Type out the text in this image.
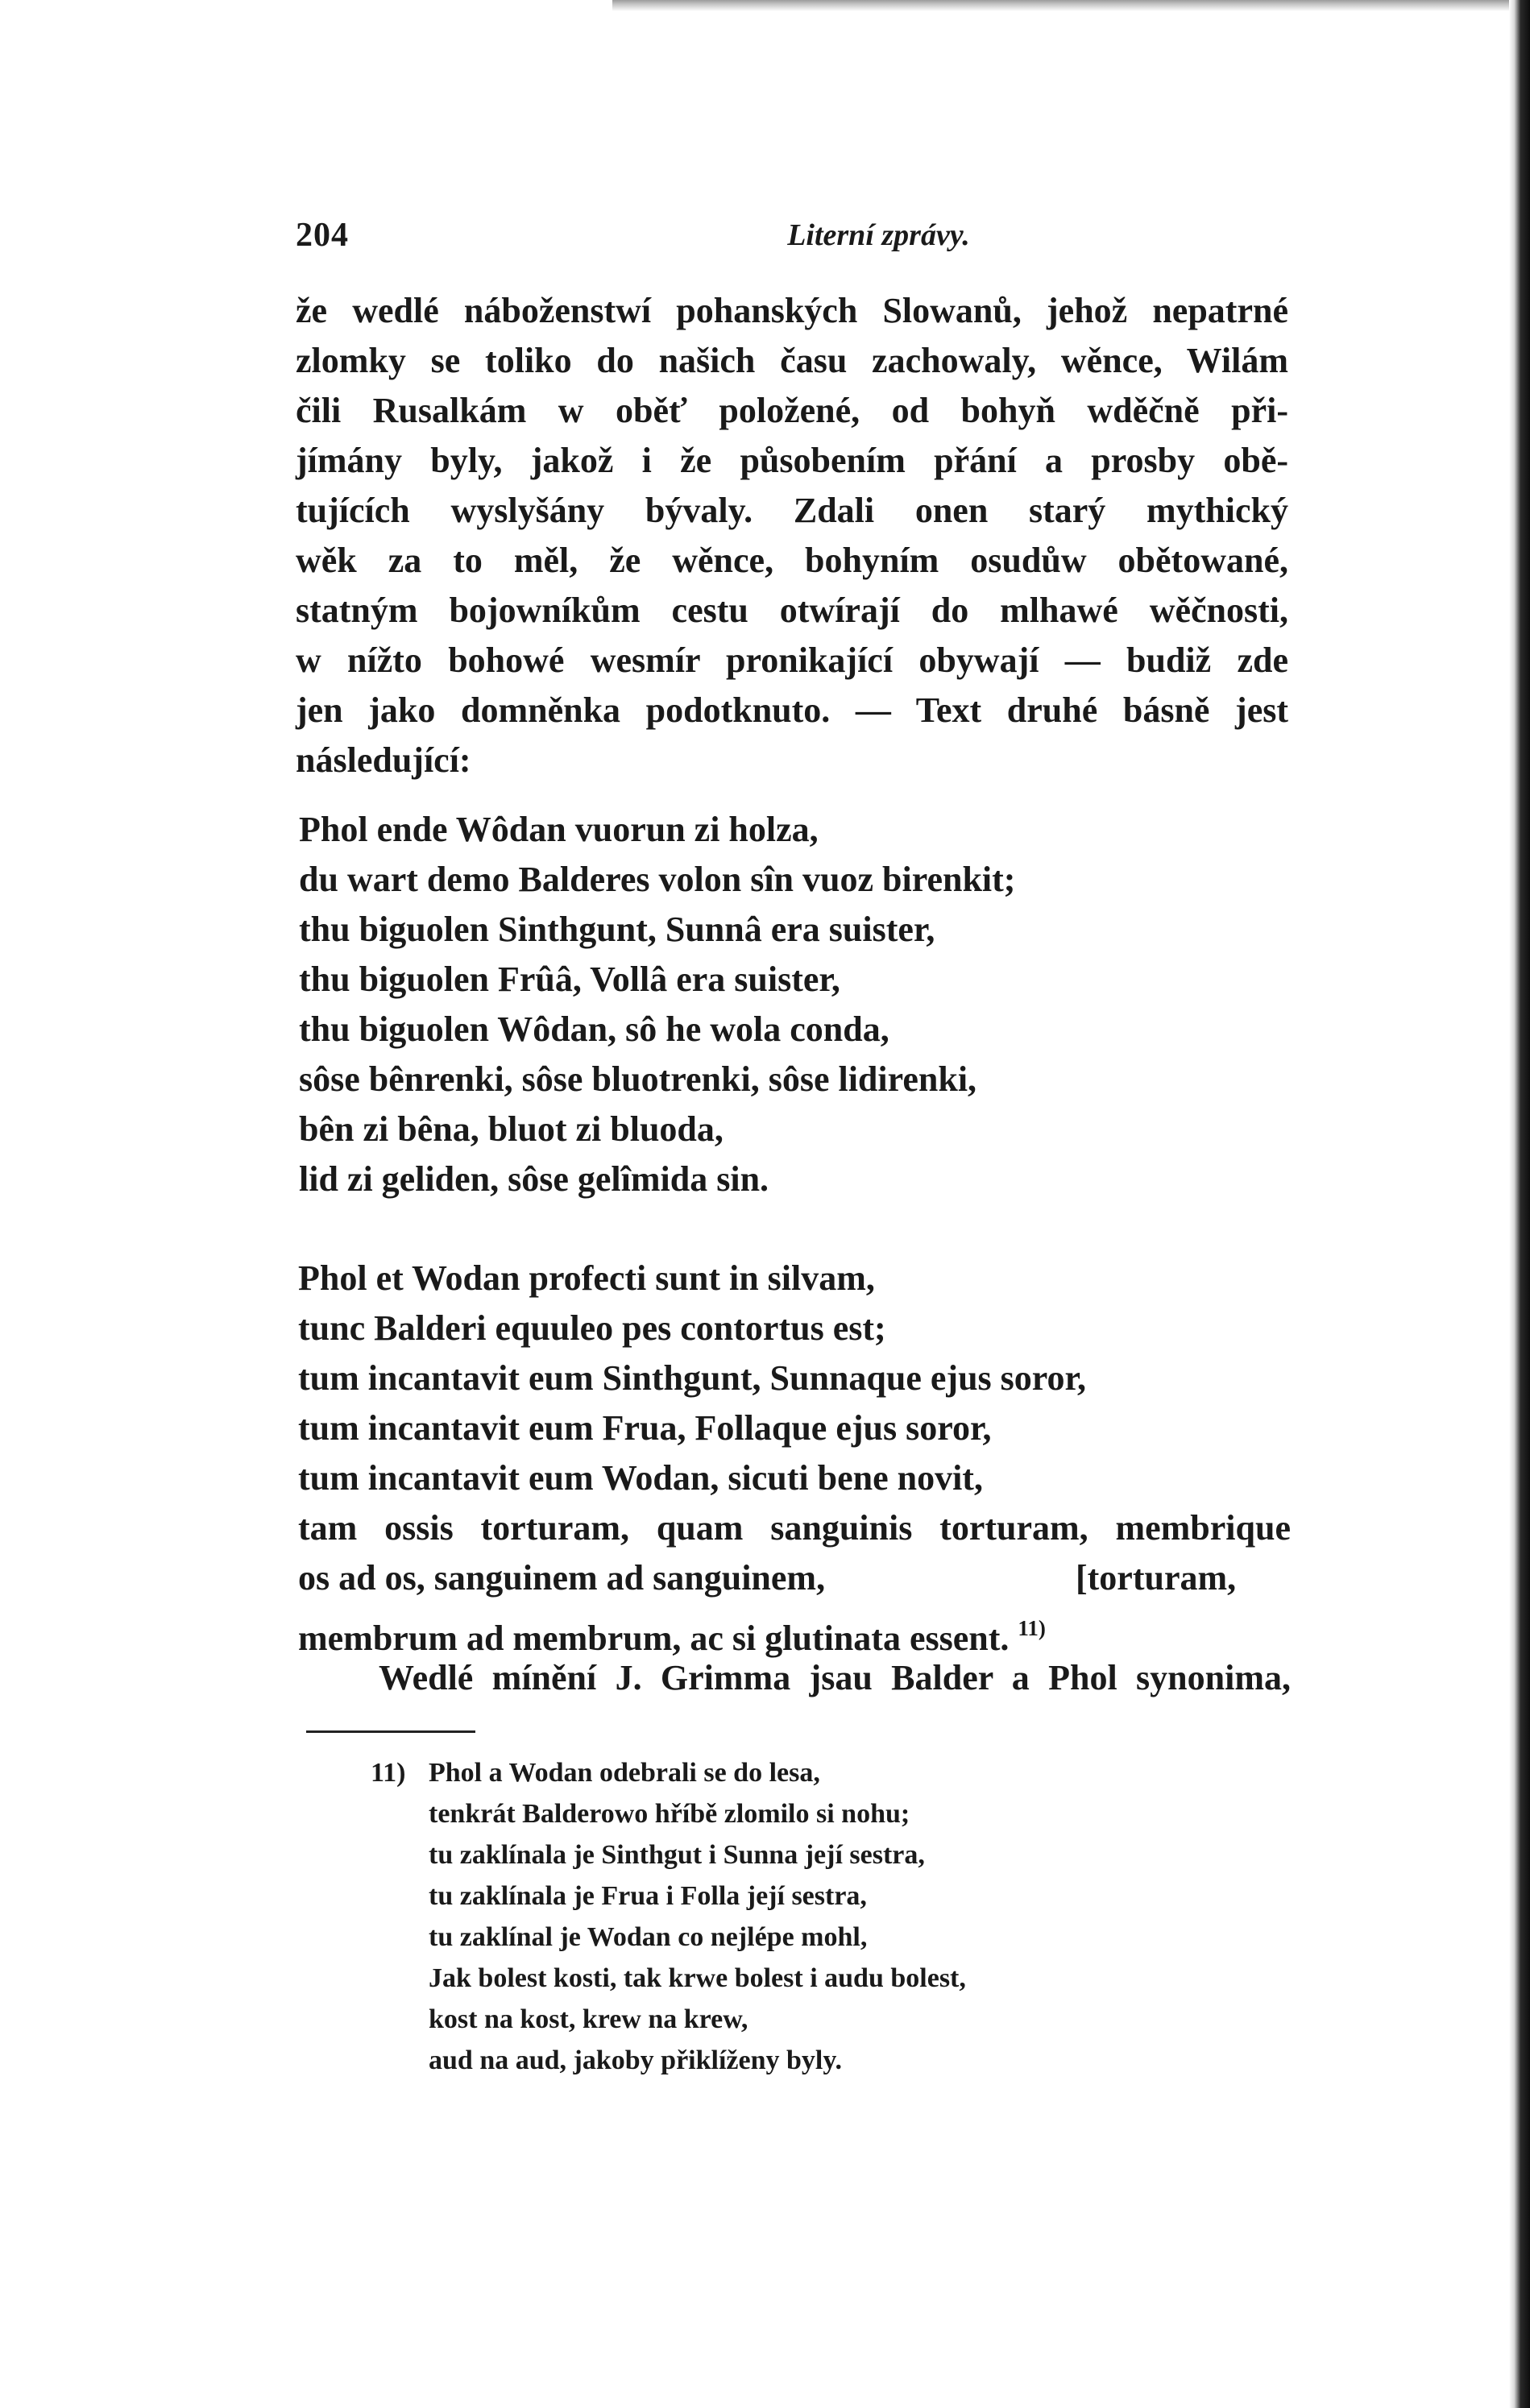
204	Literní zprávy.
že wedlé náboženstwí pohanských Slowanů, jehož nepatrné
zlomky se toliko do našich času zachowaly, wěnce, Wilám
čili Rusalkám w oběť položené, od bohyň wděčně při-
jímány byly, jakož i že působením přání a prosby obě-
tujících wyslyšány bývaly. Zdali onen starý mythický
wěk za to měl, že wěnce, bohyním osudůw obětowané,
statným bojowníkům cestu otwírají do mlhawé wěčnosti,
w nížto bohowé wesmír pronikající obywají — budiž zde
jen jako domněnka podotknuto. — Text druhé básně jest
následující:
Phol ende Wôdan vuorun zi holza,
du wart demo Balderes volon sîn vuoz birenkit;
thu biguolen Sinthgunt, Sunnâ era suister,
thu biguolen Frûâ, Vollâ era suister,
thu biguolen Wôdan, sô he wola conda,
sôse bênrenki, sôse bluotrenki, sôse lidirenki,
bên zi bêna, bluot zi bluoda,
lid zi geliden, sôse gelîmida sin.
Phol et Wodan profecti sunt in silvam,
tunc Balderi equuleo pes contortus est;
tum incantavit eum Sinthgunt, Sunnaque ejus soror,
tum incantavit eum Frua, Follaque ejus soror,
tum incantavit eum Wodan, sicuti bene novit,
tam ossis torturam, quam sanguinis torturam, membrique
os ad os, sanguinem ad sanguinem,	[torturam,
membrum ad membrum, ac si glutinata essent. $^{11)}$
Wedlé mínění J. Grimma jsau Balder a Phol synonima,
11) Phol a Wodan odebrali se do lesa,
tenkrát Balderowo hříbě zlomilo si nohu;
tu zaklínala je Sinthgut i Sunna její sestra,
tu zaklínala je Frua i Folla její sestra,
tu zaklínal je Wodan co nejlépe mohl,
Jak bolest kosti, tak krwe bolest i audu bolest,
kost na kost, krew na krew,
aud na aud, jakoby přiklíženy byly.
